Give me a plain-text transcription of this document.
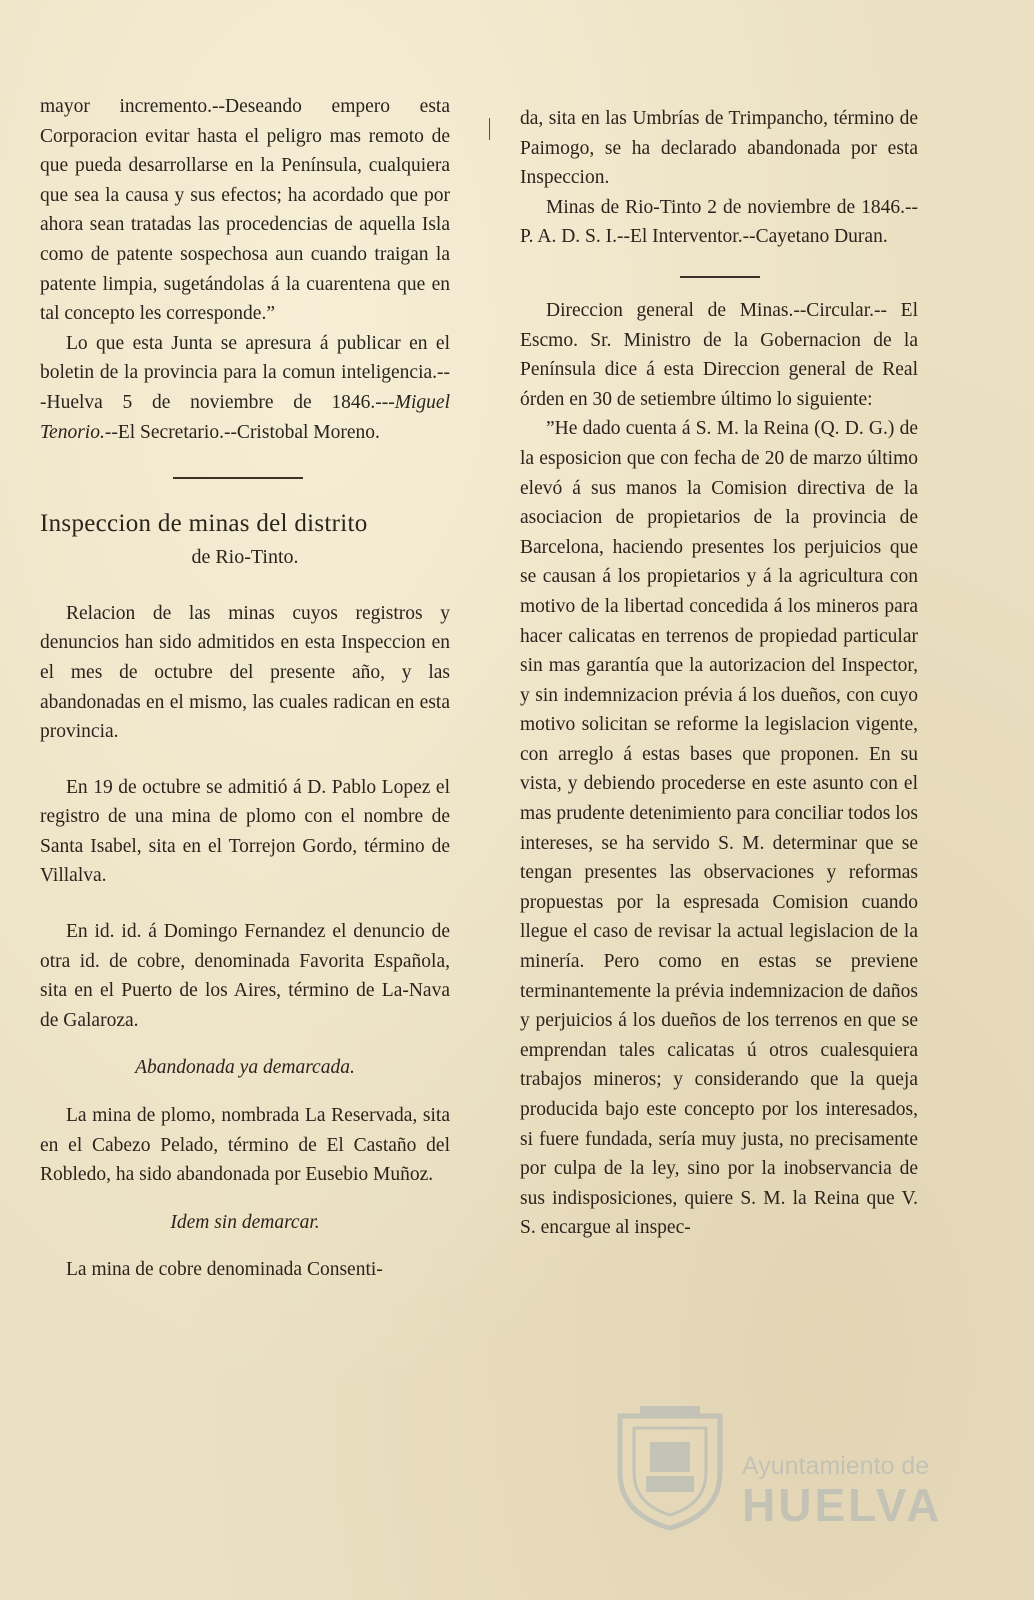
mayor incremento.--Deseando empero esta Corporacion evitar hasta el peligro mas remoto de que pueda desarrollarse en la Península, cualquiera que sea la causa y sus efectos; ha acordado que por ahora sean tratadas las procedencias de aquella Isla como de patente sospechosa aun cuando traigan la patente limpia, sugetándolas á la cuarentena que en tal concepto les corresponde.”

Lo que esta Junta se apresura á publicar en el boletin de la provincia para la comun inteligencia.---Huelva 5 de noviembre de 1846.---Miguel Tenorio.--El Secretario.--Cristobal Moreno.

Inspeccion de minas del distrito

de Rio-Tinto.

Relacion de las minas cuyos registros y denuncios han sido admitidos en esta Inspeccion en el mes de octubre del presente año, y las abandonadas en el mismo, las cuales radican en esta provincia.

En 19 de octubre se admitió á D. Pablo Lopez el registro de una mina de plomo con el nombre de Santa Isabel, sita en el Torrejon Gordo, término de Villalva.

En id. id. á Domingo Fernandez el denuncio de otra id. de cobre, denominada Favorita Española, sita en el Puerto de los Aires, término de La-Nava de Galaroza.

Abandonada ya demarcada.

La mina de plomo, nombrada La Reservada, sita en el Cabezo Pelado, término de El Castaño del Robledo, ha sido abandonada por Eusebio Muñoz.

Idem sin demarcar.

La mina de cobre denominada Consenti-

da, sita en las Umbrías de Trimpancho, término de Paimogo, se ha declarado abandonada por esta Inspeccion.

Minas de Rio-Tinto 2 de noviembre de 1846.--P. A. D. S. I.--El Interventor.--Cayetano Duran.

Direccion general de Minas.--Circular.-- El Escmo. Sr. Ministro de la Gobernacion de la Península dice á esta Direccion general de Real órden en 30 de setiembre último lo siguiente:

”He dado cuenta á S. M. la Reina (Q. D. G.) de la esposicion que con fecha de 20 de marzo último elevó á sus manos la Comision directiva de la asociacion de propietarios de la provincia de Barcelona, haciendo presentes los perjuicios que se causan á los propietarios y á la agricultura con motivo de la libertad concedida á los mineros para hacer calicatas en terrenos de propiedad particular sin mas garantía que la autorizacion del Inspector, y sin indemnizacion prévia á los dueños, con cuyo motivo solicitan se reforme la legislacion vigente, con arreglo á estas bases que proponen. En su vista, y debiendo procederse en este asunto con el mas prudente detenimiento para conciliar todos los intereses, se ha servido S. M. determinar que se tengan presentes las observaciones y reformas propuestas por la espresada Comision cuando llegue el caso de revisar la actual legislacion de la minería. Pero como en estas se previene terminantemente la prévia indemnizacion de daños y perjuicios á los dueños de los terrenos en que se emprendan tales calicatas ú otros cualesquiera trabajos mineros; y considerando que la queja producida bajo este concepto por los interesados, si fuere fundada, sería muy justa, no precisamente por culpa de la ley, sino por la inobservancia de sus indisposiciones, quiere S. M. la Reina que V. S. encargue al inspec-

Ayuntamiento de
HUELVA
